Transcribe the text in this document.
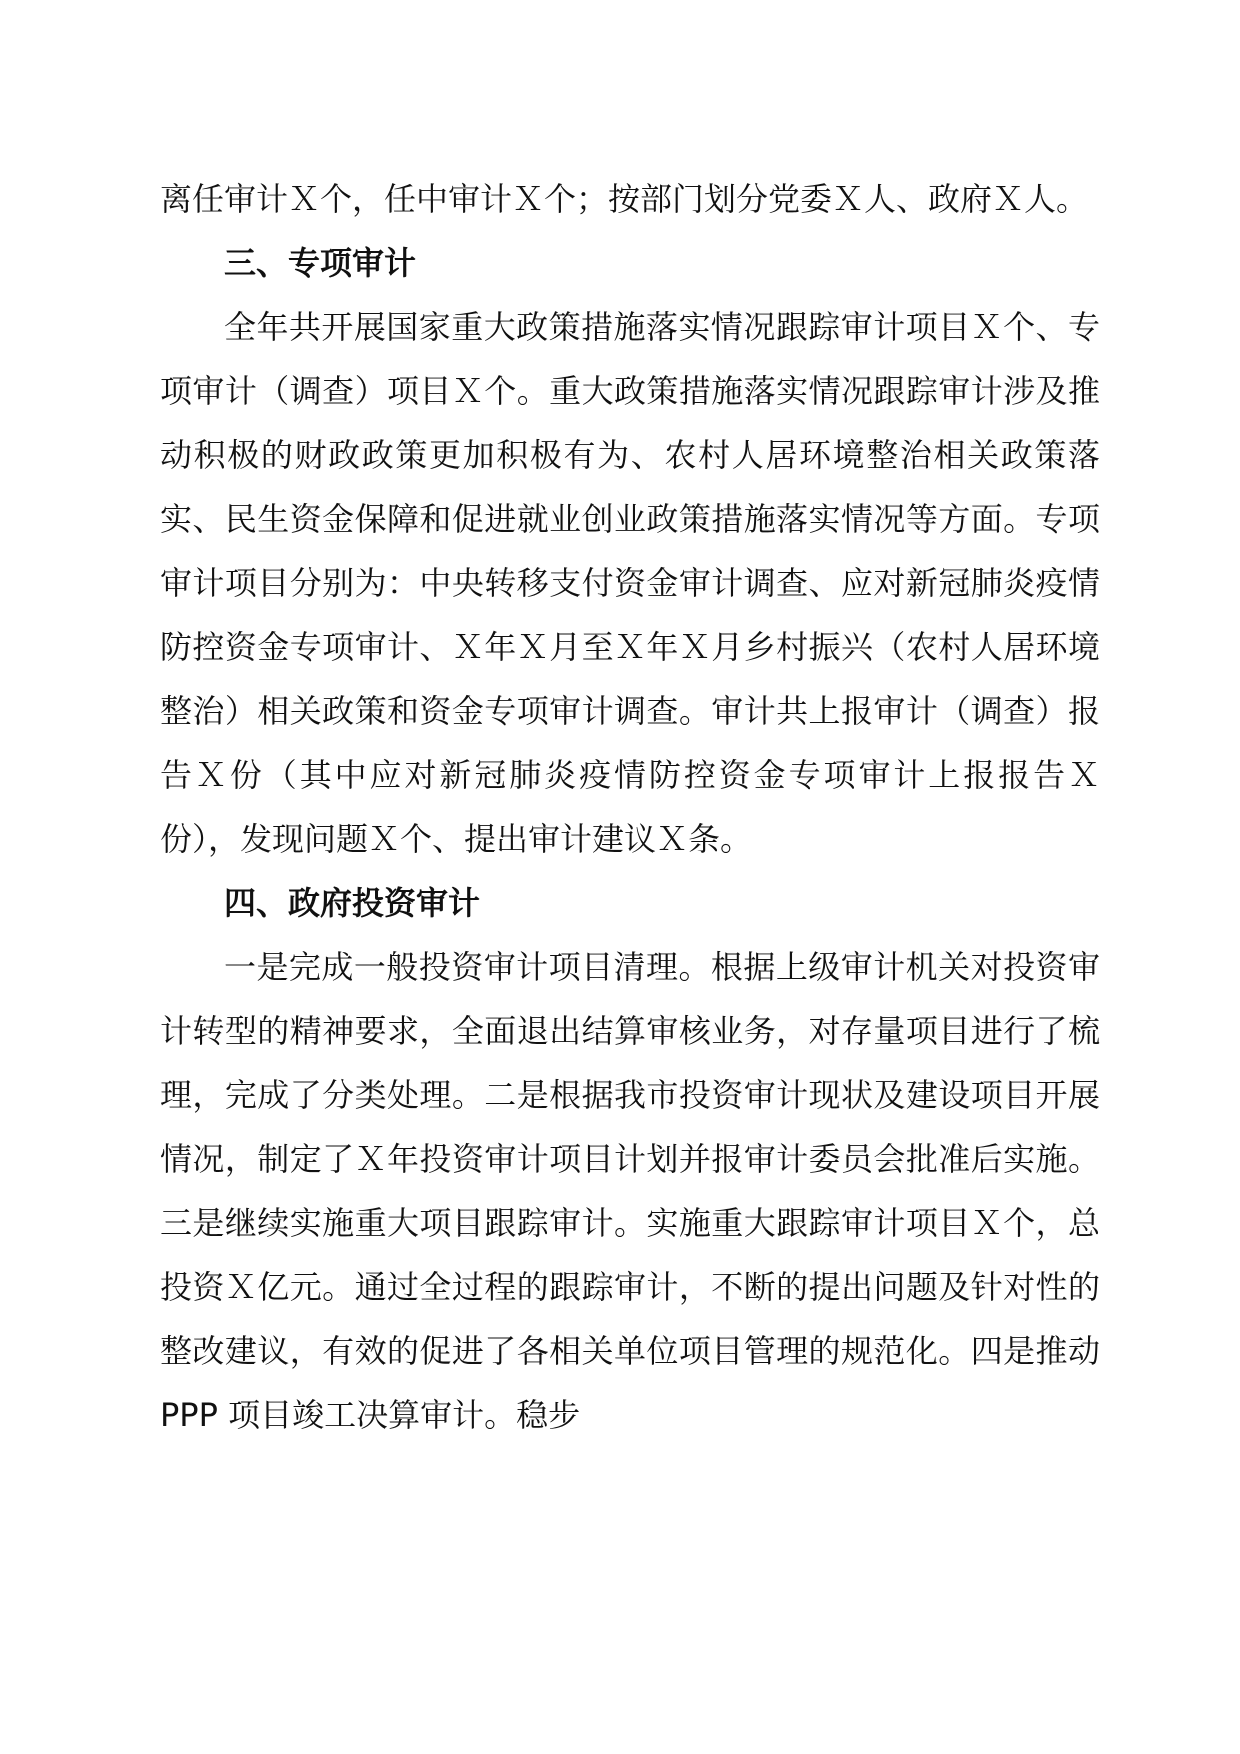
离任审计Ｘ个，任中审计Ｘ个；按部门划分党委Ｘ人、政府Ｘ人。

三、专项审计

全年共开展国家重大政策措施落实情况跟踪审计项目Ｘ个、专项审计（调查）项目Ｘ个。重大政策措施落实情况跟踪审计涉及推动积极的财政政策更加积极有为、农村人居环境整治相关政策落实、民生资金保障和促进就业创业政策措施落实情况等方面。专项审计项目分别为：中央转移支付资金审计调查、应对新冠肺炎疫情防控资金专项审计、Ｘ年Ｘ月至Ｘ年Ｘ月乡村振兴（农村人居环境整治）相关政策和资金专项审计调查。审计共上报审计（调查）报告Ｘ份（其中应对新冠肺炎疫情防控资金专项审计上报报告Ｘ份），发现问题Ｘ个、提出审计建议Ｘ条。

四、政府投资审计

一是完成一般投资审计项目清理。根据上级审计机关对投资审计转型的精神要求，全面退出结算审核业务，对存量项目进行了梳理，完成了分类处理。二是根据我市投资审计现状及建设项目开展情况，制定了Ｘ年投资审计项目计划并报审计委员会批准后实施。三是继续实施重大项目跟踪审计。实施重大跟踪审计项目Ｘ个，总投资Ｘ亿元。通过全过程的跟踪审计，不断的提出问题及针对性的整改建议，有效的促进了各相关单位项目管理的规范化。四是推动 PPP 项目竣工决算审计。稳步
